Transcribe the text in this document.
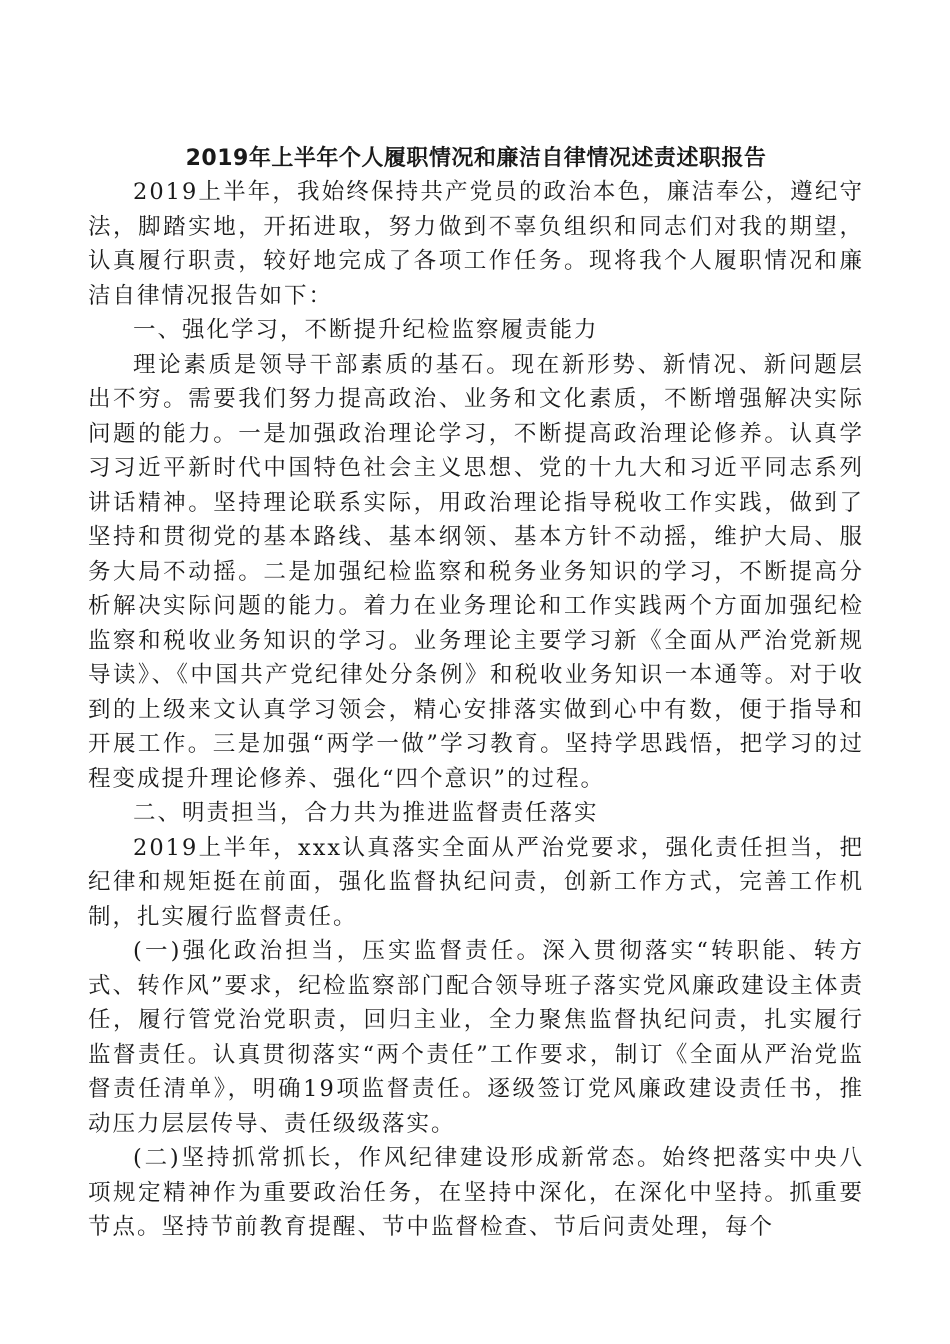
2019年上半年个人履职情况和廉洁自律情况述责述职报告

2019上半年，我始终保持共产党员的政治本色，廉洁奉公，遵纪守法，脚踏实地，开拓进取，努力做到不辜负组织和同志们对我的期望，认真履行职责，较好地完成了各项工作任务。现将我个人履职情况和廉洁自律情况报告如下：

一、强化学习，不断提升纪检监察履责能力

理论素质是领导干部素质的基石。现在新形势、新情况、新问题层出不穷。需要我们努力提高政治、业务和文化素质，不断增强解决实际问题的能力。一是加强政治理论学习，不断提高政治理论修养。认真学习习近平新时代中国特色社会主义思想、党的十九大和习近平同志系列讲话精神。坚持理论联系实际，用政治理论指导税收工作实践，做到了坚持和贯彻党的基本路线、基本纲领、基本方针不动摇，维护大局、服务大局不动摇。二是加强纪检监察和税务业务知识的学习，不断提高分析解决实际问题的能力。着力在业务理论和工作实践两个方面加强纪检监察和税收业务知识的学习。业务理论主要学习新《全面从严治党新规导读》、《中国共产党纪律处分条例》和税收业务知识一本通等。对于收到的上级来文认真学习领会，精心安排落实做到心中有数，便于指导和开展工作。三是加强“两学一做”学习教育。坚持学思践悟，把学习的过程变成提升理论修养、强化“四个意识”的过程。

二、明责担当，合力共为推进监督责任落实

2019上半年，xxx认真落实全面从严治党要求，强化责任担当，把纪律和规矩挺在前面，强化监督执纪问责，创新工作方式，完善工作机制，扎实履行监督责任。

(一)强化政治担当，压实监督责任。深入贯彻落实“转职能、转方式、转作风”要求，纪检监察部门配合领导班子落实党风廉政建设主体责任，履行管党治党职责，回归主业，全力聚焦监督执纪问责，扎实履行监督责任。认真贯彻落实“两个责任”工作要求，制订《全面从严治党监督责任清单》，明确19项监督责任。逐级签订党风廉政建设责任书，推动压力层层传导、责任级级落实。

(二)坚持抓常抓长，作风纪律建设形成新常态。始终把落实中央八项规定精神作为重要政治任务，在坚持中深化，在深化中坚持。抓重要节点。坚持节前教育提醒、节中监督检查、节后问责处理，每个
